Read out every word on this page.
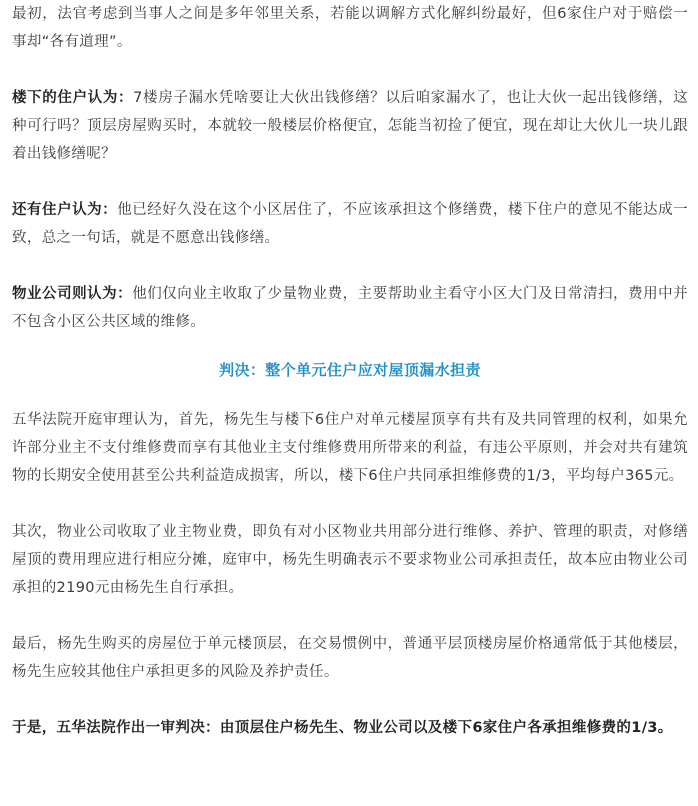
最初，法官考虑到当事人之间是多年邻里关系，若能以调解方式化解纠纷最好，但6家住户对于赔偿一事却“各有道理”。

楼下的住户认为：7楼房子漏水凭啥要让大伙出钱修缮？以后咱家漏水了，也让大伙一起出钱修缮，这种可行吗？顶层房屋购买时，本就较一般楼层价格便宜，怎能当初捡了便宜，现在却让大伙儿一块儿跟着出钱修缮呢？

还有住户认为：他已经好久没在这个小区居住了，不应该承担这个修缮费，楼下住户的意见不能达成一致，总之一句话，就是不愿意出钱修缮。

物业公司则认为：他们仅向业主收取了少量物业费，主要帮助业主看守小区大门及日常清扫，费用中并不包含小区公共区域的维修。

判决：整个单元住户应对屋顶漏水担责

五华法院开庭审理认为，首先，杨先生与楼下6住户对单元楼屋顶享有共有及共同管理的权利，如果允许部分业主不支付维修费而享有其他业主支付维修费用所带来的利益，有违公平原则，并会对共有建筑物的长期安全使用甚至公共利益造成损害，所以，楼下6住户共同承担维修费的1/3，平均每户365元。

其次，物业公司收取了业主物业费，即负有对小区物业共用部分进行维修、养护、管理的职责，对修缮屋顶的费用理应进行相应分摊，庭审中，杨先生明确表示不要求物业公司承担责任，故本应由物业公司承担的2190元由杨先生自行承担。

最后，杨先生购买的房屋位于单元楼顶层，在交易惯例中，普通平层顶楼房屋价格通常低于其他楼层，杨先生应较其他住户承担更多的风险及养护责任。

于是，五华法院作出一审判决：由顶层住户杨先生、物业公司以及楼下6家住户各承担维修费的1/3。
